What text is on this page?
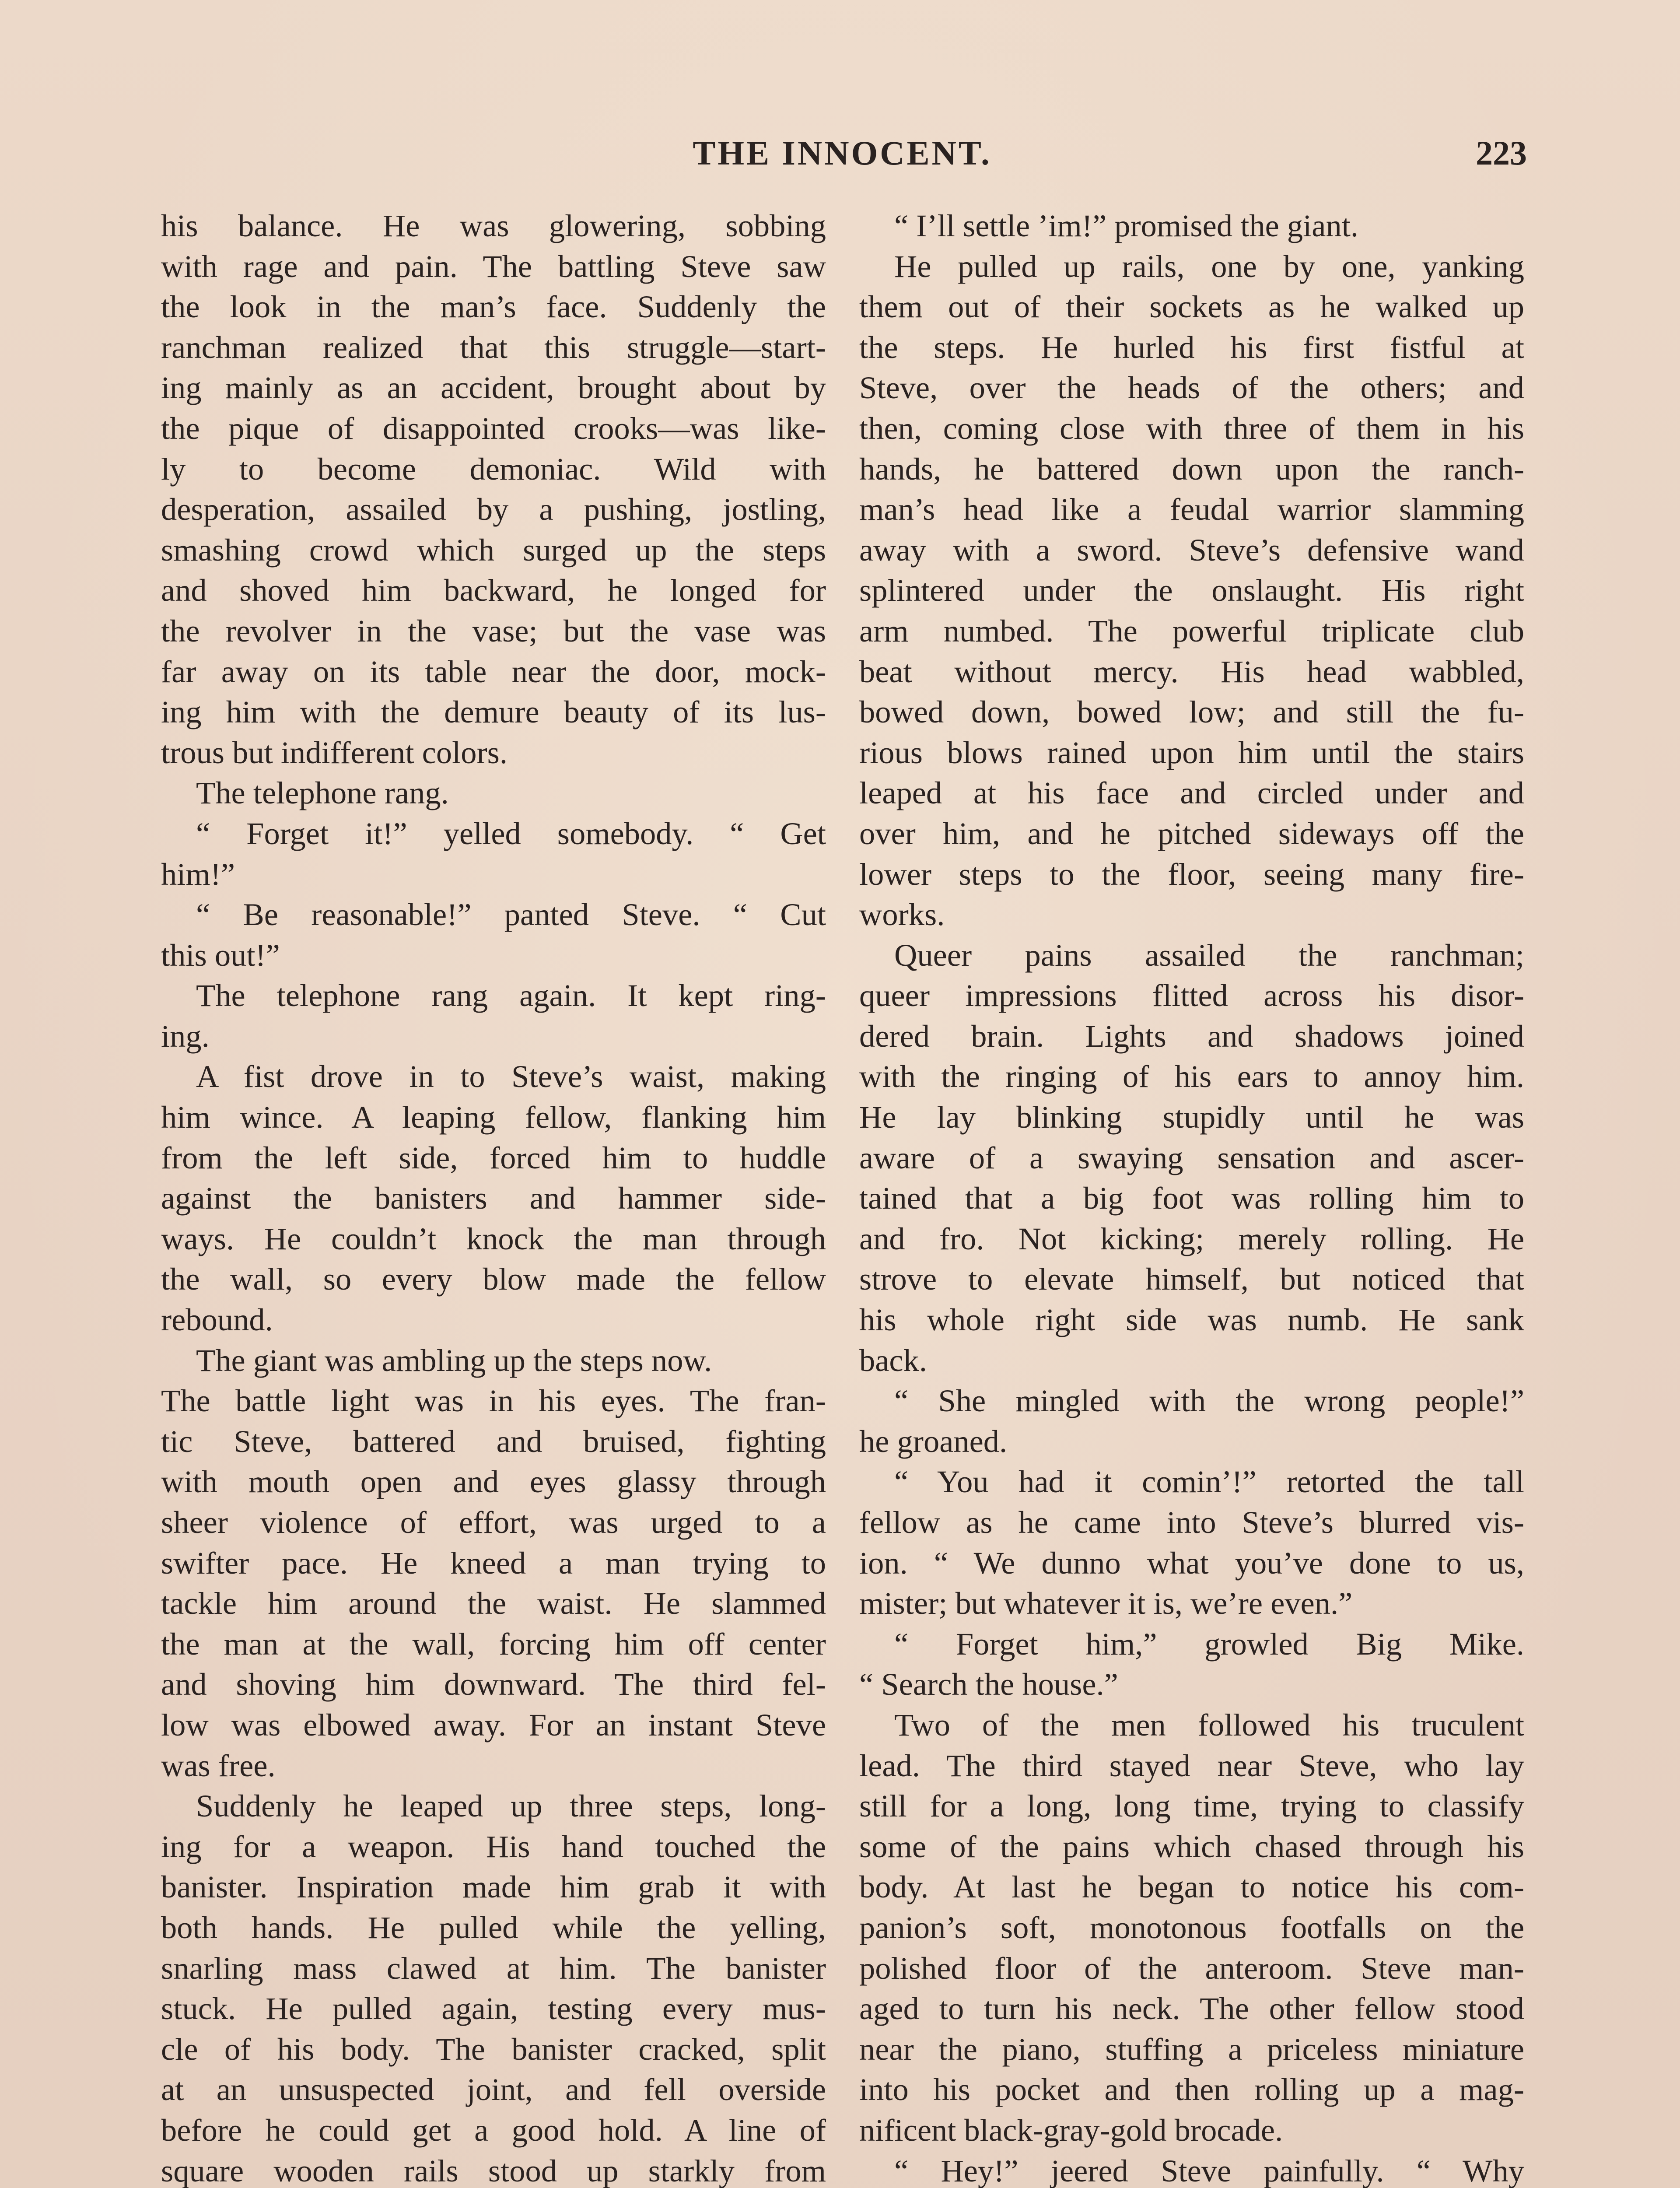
THE INNOCENT.	223
his balance. He was glowering, sobbing
with rage and pain. The battling Steve saw
the look in the man’s face. Suddenly the
ranchman realized that this struggle—start-
ing mainly as an accident, brought about by
the pique of disappointed crooks—was like-
ly to become demoniac. Wild with
desperation, assailed by a pushing, jostling,
smashing crowd which surged up the steps
and shoved him backward, he longed for
the revolver in the vase; but the vase was
far away on its table near the door, mock-
ing him with the demure beauty of its lus-
trous but indifferent colors.
The telephone rang.
“ Forget it!” yelled somebody. “ Get
him!”
“ Be reasonable!” panted Steve. “ Cut
this out!”
The telephone rang again. It kept ring-
ing.
A fist drove in to Steve’s waist, making
him wince. A leaping fellow, flanking him
from the left side, forced him to huddle
against the banisters and hammer side-
ways. He couldn’t knock the man through
the wall, so every blow made the fellow
rebound.
The giant was ambling up the steps now.
The battle light was in his eyes. The fran-
tic Steve, battered and bruised, fighting
with mouth open and eyes glassy through
sheer violence of effort, was urged to a
swifter pace. He kneed a man trying to
tackle him around the waist. He slammed
the man at the wall, forcing him off center
and shoving him downward. The third fel-
low was elbowed away. For an instant Steve
was free.
Suddenly he leaped up three steps, long-
ing for a weapon. His hand touched the
banister. Inspiration made him grab it with
both hands. He pulled while the yelling,
snarling mass clawed at him. The banister
stuck. He pulled again, testing every mus-
cle of his body. The banister cracked, split
at an unsuspected joint, and fell overside
before he could get a good hold. A line of
square wooden rails stood up starkly from
“ I’ll settle ’im!” promised the giant.
He pulled up rails, one by one, yanking
them out of their sockets as he walked up
the steps. He hurled his first fistful at
Steve, over the heads of the others; and
then, coming close with three of them in his
hands, he battered down upon the ranch-
man’s head like a feudal warrior slamming
away with a sword. Steve’s defensive wand
splintered under the onslaught. His right
arm numbed. The powerful triplicate club
beat without mercy. His head wabbled,
bowed down, bowed low; and still the fu-
rious blows rained upon him until the stairs
leaped at his face and circled under and
over him, and he pitched sideways off the
lower steps to the floor, seeing many fire-
works.
Queer pains assailed the ranchman;
queer impressions flitted across his disor-
dered brain. Lights and shadows joined
with the ringing of his ears to annoy him.
He lay blinking stupidly until he was
aware of a swaying sensation and ascer-
tained that a big foot was rolling him to
and fro. Not kicking; merely rolling. He
strove to elevate himself, but noticed that
his whole right side was numb. He sank
back.
“ She mingled with the wrong people!”
he groaned.
“ You had it comin’!” retorted the tall
fellow as he came into Steve’s blurred vis-
ion. “ We dunno what you’ve done to us,
mister; but whatever it is, we’re even.”
“ Forget him,” growled Big Mike.
“ Search the house.”
Two of the men followed his truculent
lead. The third stayed near Steve, who lay
still for a long, long time, trying to classify
some of the pains which chased through his
body. At last he began to notice his com-
panion’s soft, monotonous footfalls on the
polished floor of the anteroom. Steve man-
aged to turn his neck. The other fellow stood
near the piano, stuffing a priceless miniature
into his pocket and then rolling up a mag-
nificent black-gray-gold brocade.
“ Hey!” jeered Steve painfully. “ Why
